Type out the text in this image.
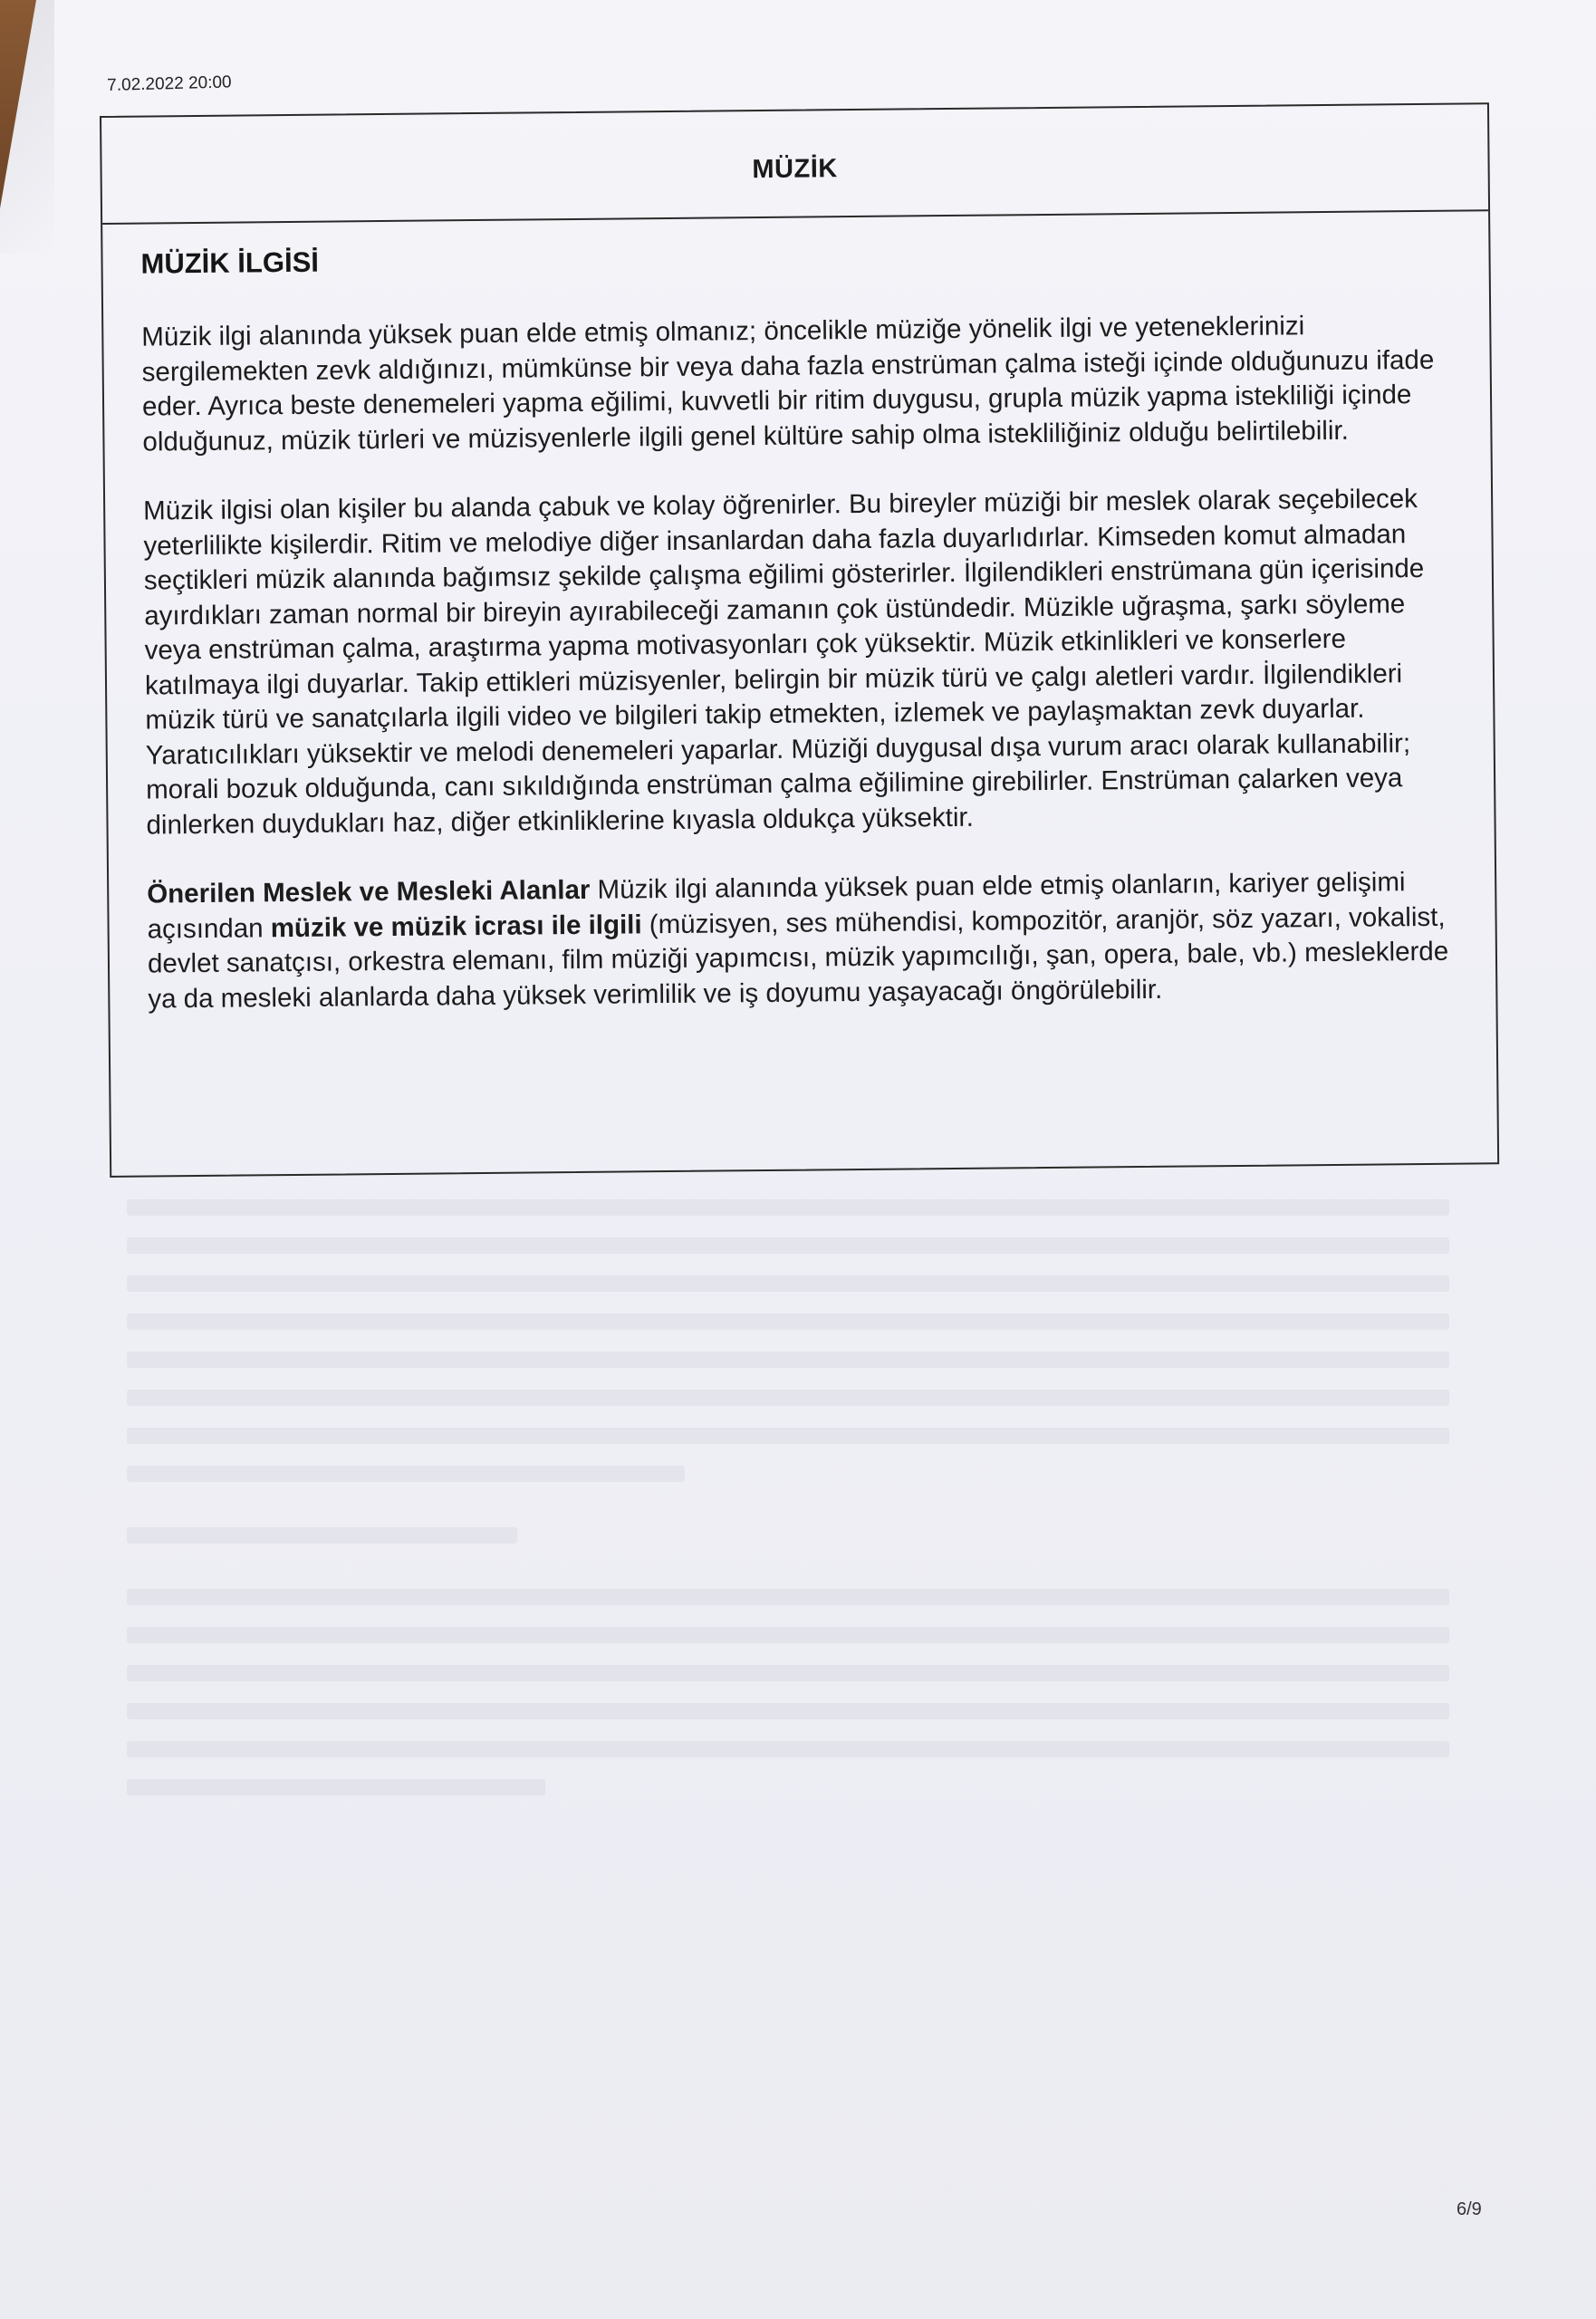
7.02.2022 20:00
MÜZİK
MÜZİK İLGİSİ

Müzik ilgi alanında yüksek puan elde etmiş olmanız; öncelikle müziğe yönelik ilgi ve yeteneklerinizi sergilemekten zevk aldığınızı, mümkünse bir veya daha fazla enstrüman çalma isteği içinde olduğunuzu ifade eder. Ayrıca beste denemeleri yapma eğilimi, kuvvetli bir ritim duygusu, grupla müzik yapma istekliliği içinde olduğunuz, müzik türleri ve müzisyenlerle ilgili genel kültüre sahip olma istekliliğiniz olduğu belirtilebilir.

Müzik ilgisi olan kişiler bu alanda çabuk ve kolay öğrenirler. Bu bireyler müziği bir meslek olarak seçebilecek yeterlilikte kişilerdir. Ritim ve melodiye diğer insanlardan daha fazla duyarlıdırlar. Kimseden komut almadan seçtikleri müzik alanında bağımsız şekilde çalışma eğilimi gösterirler. İlgilendikleri enstrümana gün içerisinde ayırdıkları zaman normal bir bireyin ayırabileceği zamanın çok üstündedir. Müzikle uğraşma, şarkı söyleme veya enstrüman çalma, araştırma yapma motivasyonları çok yüksektir. Müzik etkinlikleri ve konserlere katılmaya ilgi duyarlar. Takip ettikleri müzisyenler, belirgin bir müzik türü ve çalgı aletleri vardır. İlgilendikleri müzik türü ve sanatçılarla ilgili video ve bilgileri takip etmekten, izlemek ve paylaşmaktan zevk duyarlar. Yaratıcılıkları yüksektir ve melodi denemeleri yaparlar. Müziği duygusal dışa vurum aracı olarak kullanabilir; morali bozuk olduğunda, canı sıkıldığında enstrüman çalma eğilimine girebilirler. Enstrüman çalarken veya dinlerken duydukları haz, diğer etkinliklerine kıyasla oldukça yüksektir.

Önerilen Meslek ve Mesleki Alanlar Müzik ilgi alanında yüksek puan elde etmiş olanların, kariyer gelişimi açısından müzik ve müzik icrası ile ilgili (müzisyen, ses mühendisi, kompozitör, aranjör, söz yazarı, vokalist, devlet sanatçısı, orkestra elemanı, film müziği yapımcısı, müzik yapımcılığı, şan, opera, bale, vb.) mesleklerde ya da mesleki alanlarda daha yüksek verimlilik ve iş doyumu yaşayacağı öngörülebilir.

6/9
